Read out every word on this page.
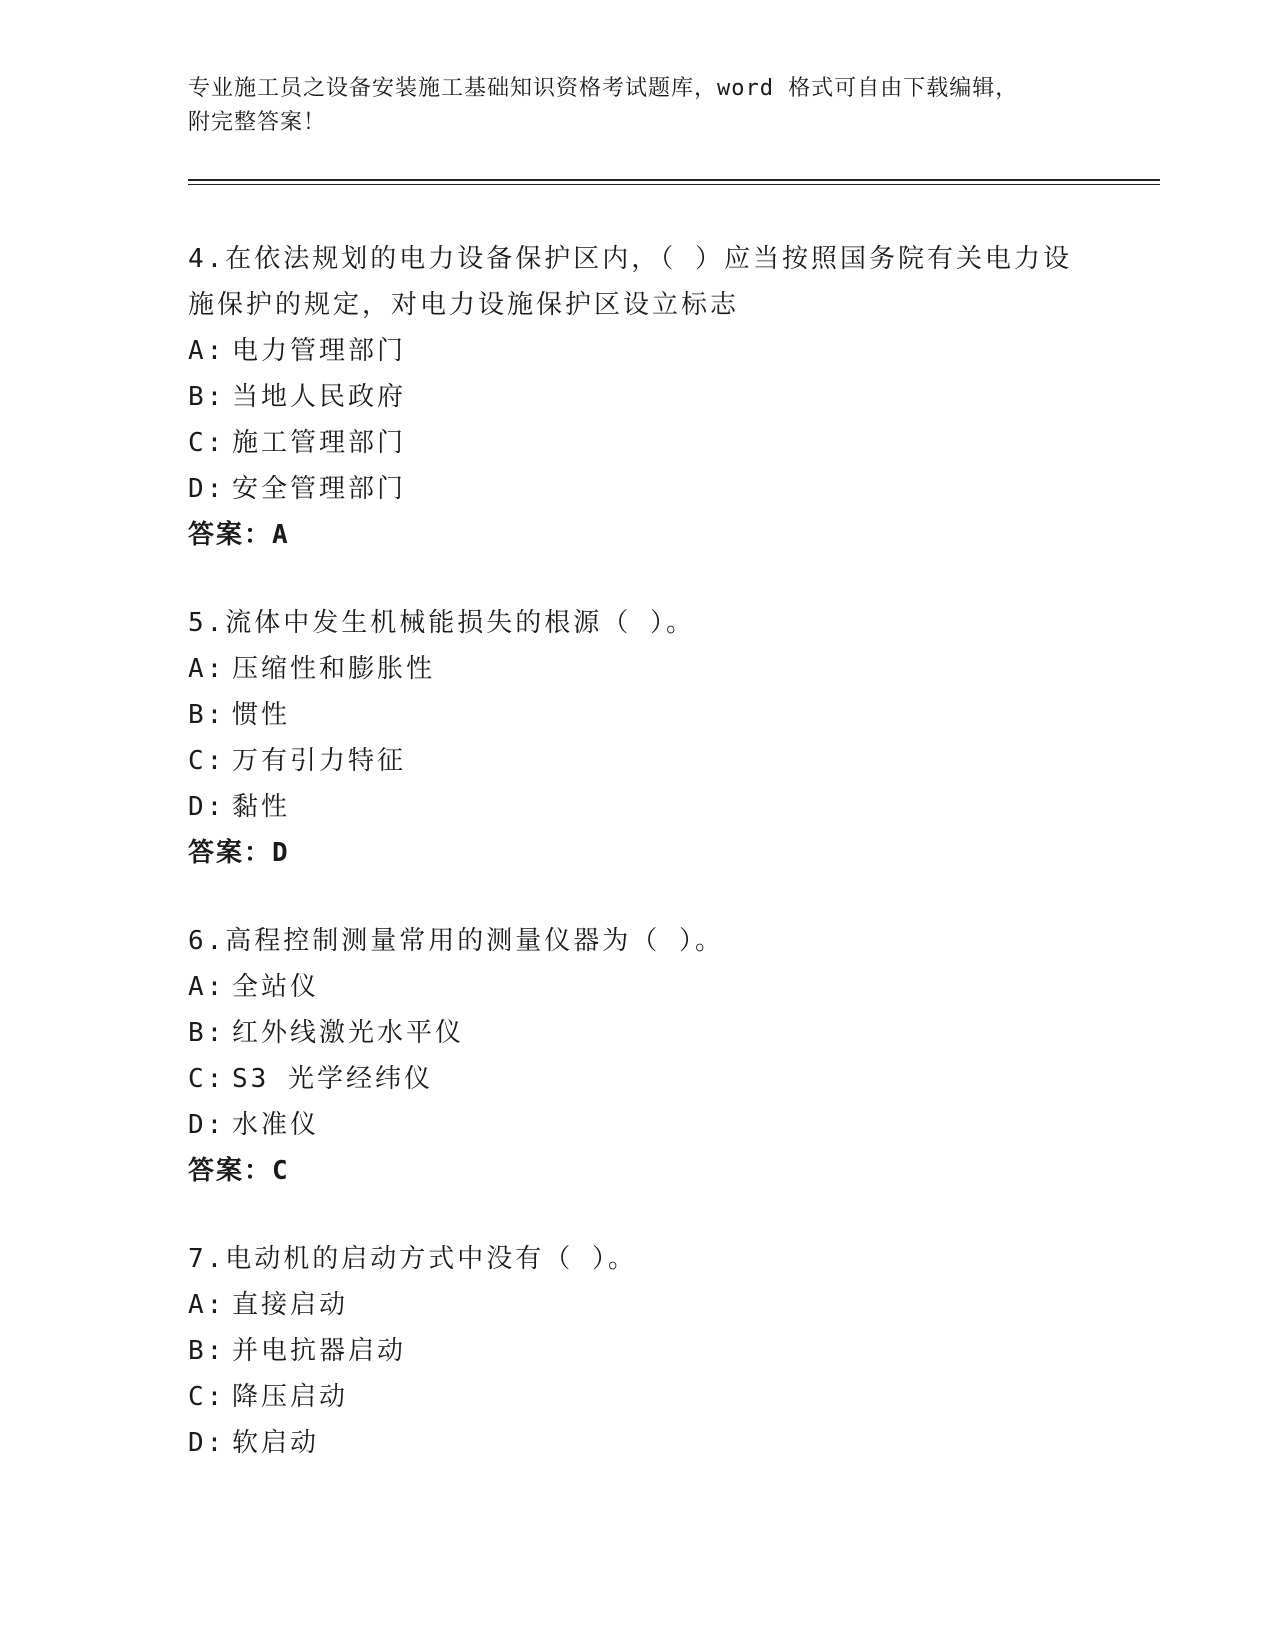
专业施工员之设备安装施工基础知识资格考试题库，word 格式可自由下载编辑，
附完整答案！
4.在依法规划的电力设备保护区内，（ ）应当按照国务院有关电力设
施保护的规定，对电力设施保护区设立标志
A: 电力管理部门
B: 当地人民政府
C: 施工管理部门
D: 安全管理部门
答案：A
5.流体中发生机械能损失的根源（ ）。
A: 压缩性和膨胀性
B: 惯性
C: 万有引力特征
D: 黏性
答案：D
6.高程控制测量常用的测量仪器为（ ）。
A: 全站仪
B: 红外线激光水平仪
C: S3 光学经纬仪
D: 水准仪
答案：C
7.电动机的启动方式中没有（ ）。
A: 直接启动
B: 并电抗器启动
C: 降压启动
D: 软启动
